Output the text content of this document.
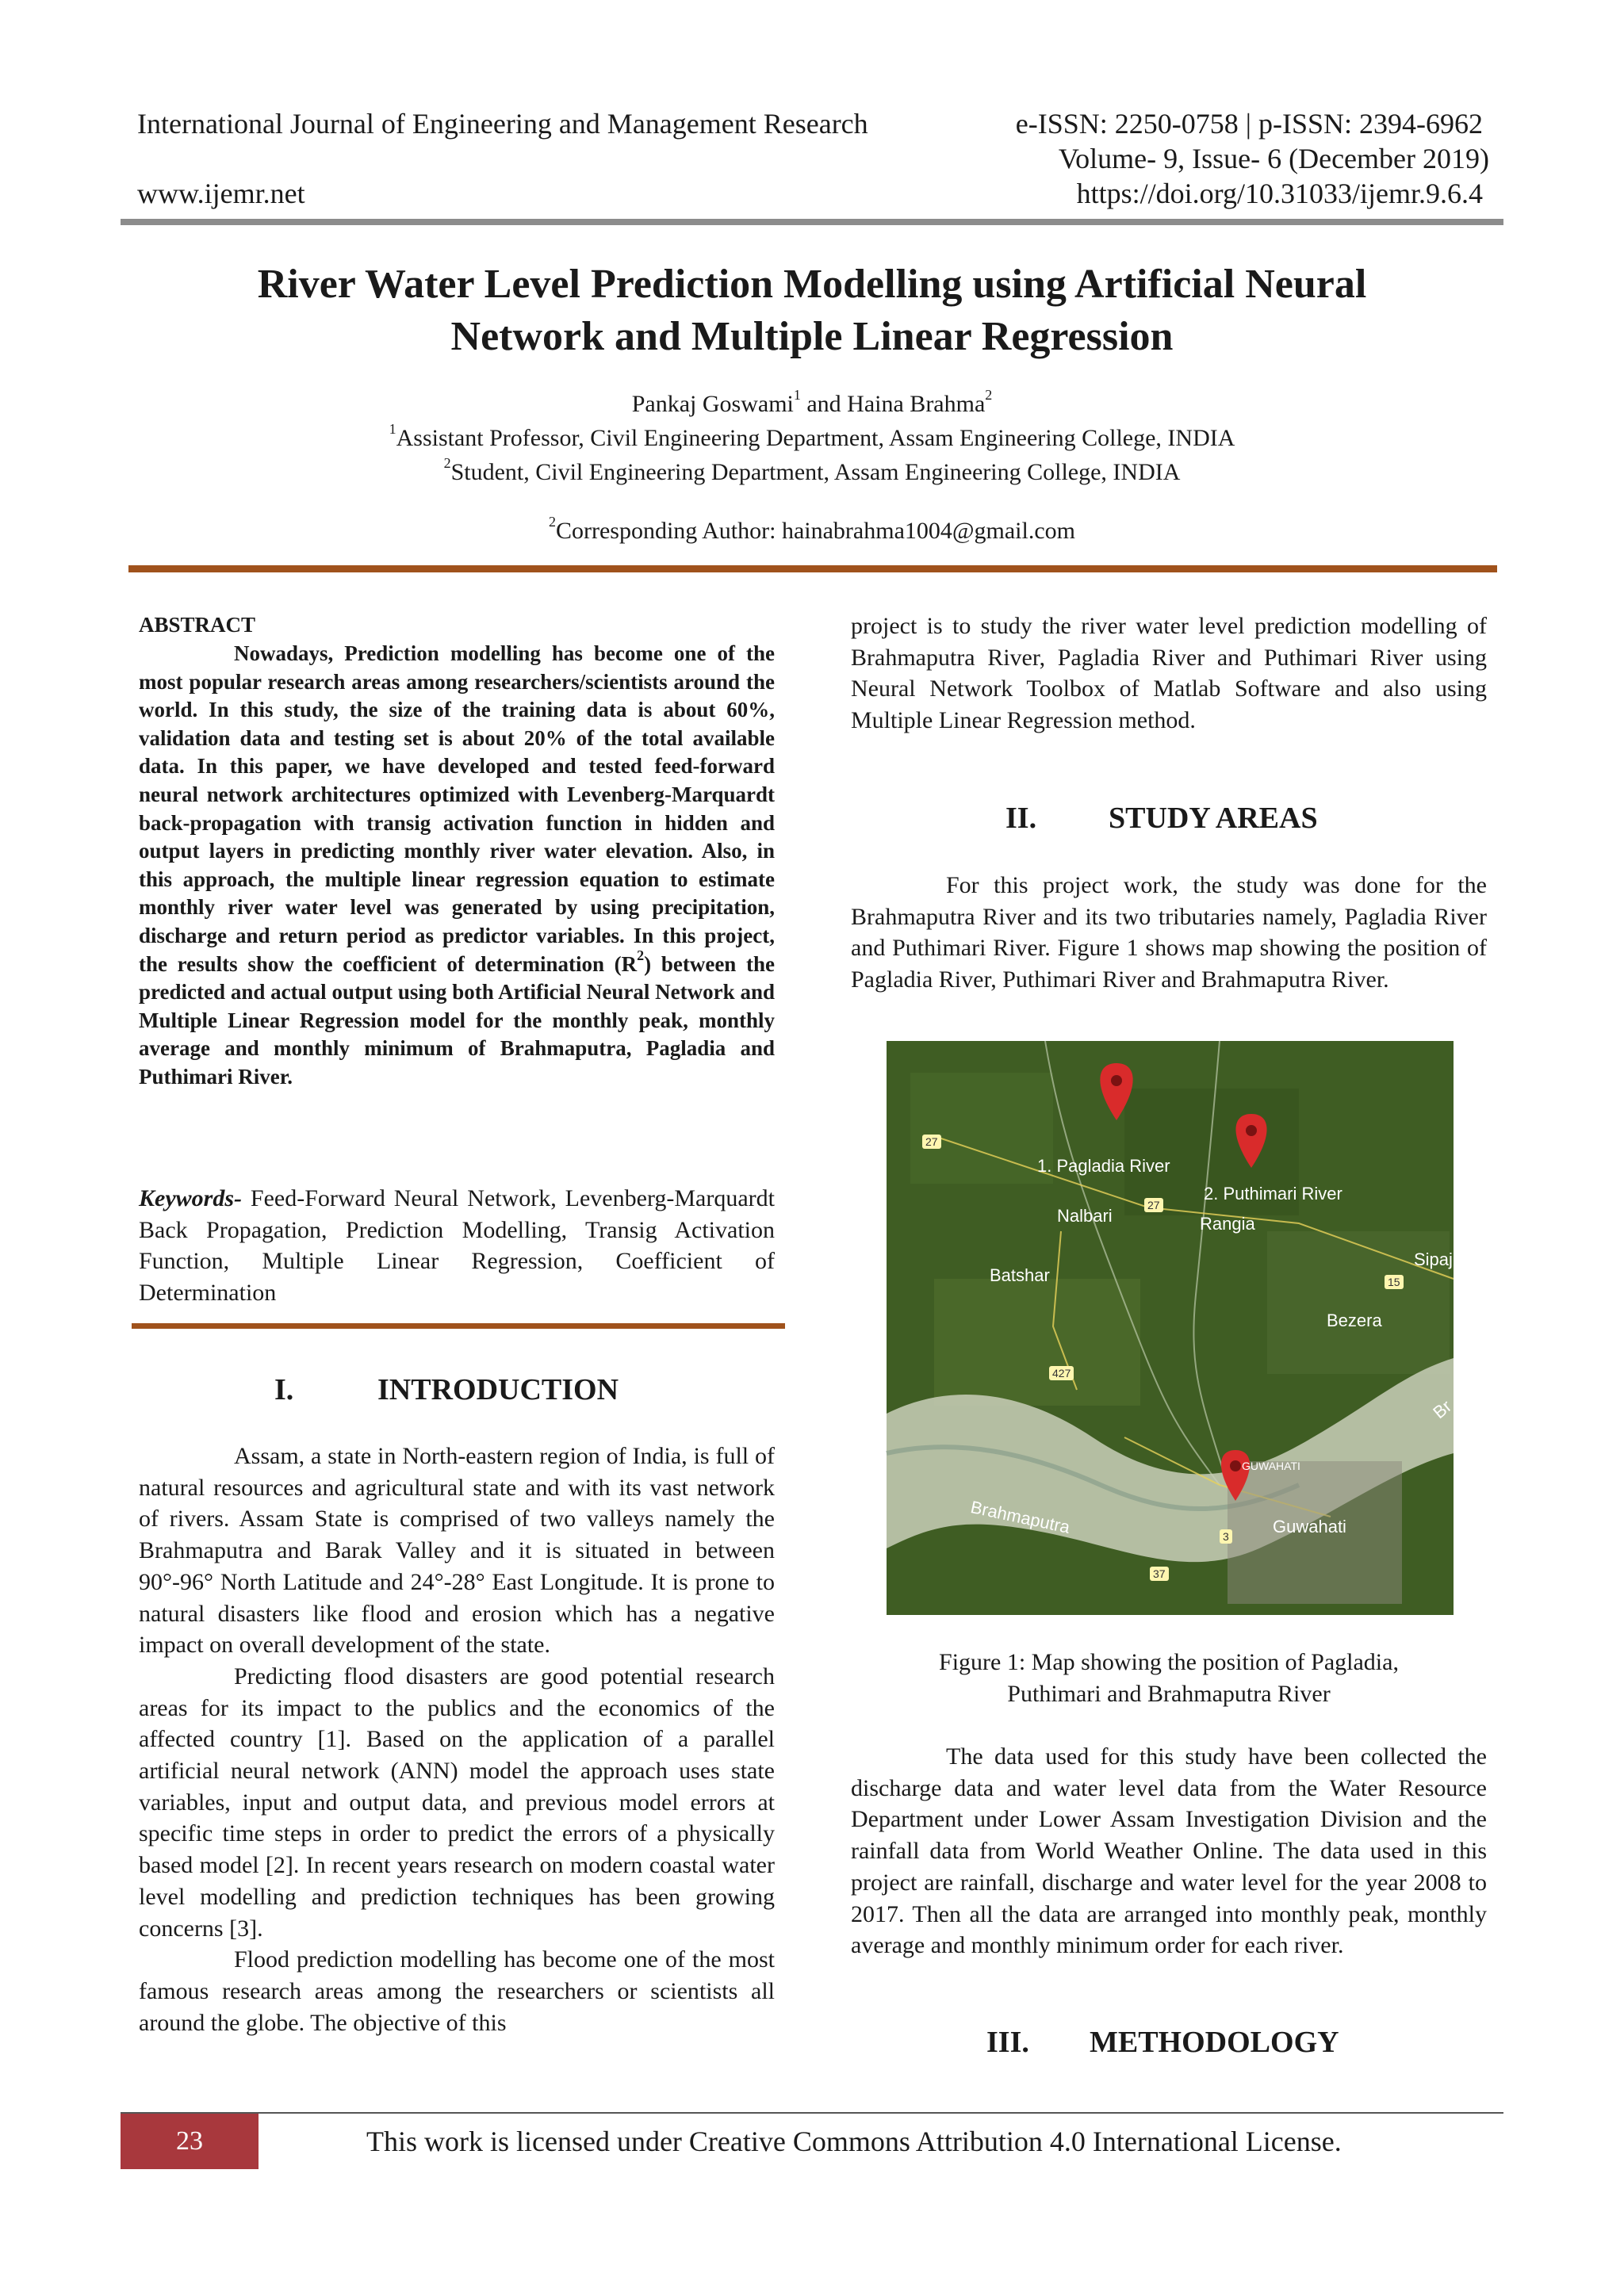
International Journal of Engineering and Management Research	e-ISSN: 2250-0758 | p-ISSN: 2394-6962
Volume- 9, Issue- 6 (December 2019)
www.ijemr.net	https://doi.org/10.31033/ijemr.9.6.4
River Water Level Prediction Modelling using Artificial Neural
Network and Multiple Linear Regression
Pankaj Goswami$^1$ and Haina Brahma$^2$
$^1$Assistant Professor, Civil Engineering Department, Assam Engineering College, INDIA
$^2$Student, Civil Engineering Department, Assam Engineering College, INDIA
$^2$Corresponding Author: hainabrahma1004@gmail.com
ABSTRACT

Nowadays, Prediction modelling has become one of the most popular research areas among researchers/scientists around the world. In this study, the size of the training data is about 60%, validation data and testing set is about 20% of the total available data. In this paper, we have developed and tested feed-forward neural network architectures optimized with Levenberg-Marquardt back-propagation with transig activation function in hidden and output layers in predicting monthly river water elevation. Also, in this approach, the multiple linear regression equation to estimate monthly river water level was generated by using precipitation, discharge and return period as predictor variables. In this project, the results show the coefficient of determination $(R^2)$ between the predicted and actual output using both Artificial Neural Network and Multiple Linear Regression model for the monthly peak, monthly average and monthly minimum of Brahmaputra, Pagladia and Puthimari River.

Keywords- Feed-Forward Neural Network, Levenberg-Marquardt Back Propagation, Prediction Modelling, Transig Activation Function, Multiple Linear Regression, Coefficient of Determination

I.	INTRODUCTION

Assam, a state in North-eastern region of India, is full of natural resources and agricultural state and with its vast network of rivers. Assam State is comprised of two valleys namely the Brahmaputra and Barak Valley and it is situated in between 90°-96° North Latitude and 24°-28° East Longitude. It is prone to natural disasters like flood and erosion which has a negative impact on overall development of the state.

Predicting flood disasters are good potential research areas for its impact to the publics and the economics of the affected country [1]. Based on the application of a parallel artificial neural network (ANN) model the approach uses state variables, input and output data, and previous model errors at specific time steps in order to predict the errors of a physically based model [2]. In recent years research on modern coastal water level modelling and prediction techniques has been growing concerns [3].

Flood prediction modelling has become one of the most famous research areas among the researchers or scientists all around the globe. The objective of this

project is to study the river water level prediction modelling of Brahmaputra River, Pagladia River and Puthimari River using Neural Network Toolbox of Matlab Software and also using Multiple Linear Regression method.

II. STUDY AREAS

For this project work, the study was done for the Brahmaputra River and its two tributaries namely, Pagladia River and Puthimari River. Figure 1 shows map showing the position of Pagladia River, Puthimari River and Brahmaputra River.

1. Pagladia River
2. Puthimari River
Nalbari	Rangia
Batshar
Bezera
Sipajh
GUWAHATI
Guwahati
Brahmaputra
Br
27
27
15
427
3
37
Figure 1: Map showing the position of Pagladia,
Puthimari and Brahmaputra River

The data used for this study have been collected the discharge data and water level data from the Water Resource Department under Lower Assam Investigation Division and the rainfall data from World Weather Online. The data used in this project are rainfall, discharge and water level for the year 2008 to 2017. Then all the data are arranged into monthly peak, monthly average and monthly minimum order for each river.

III. METHODOLOGY
23	This work is licensed under Creative Commons Attribution 4.0 International License.
